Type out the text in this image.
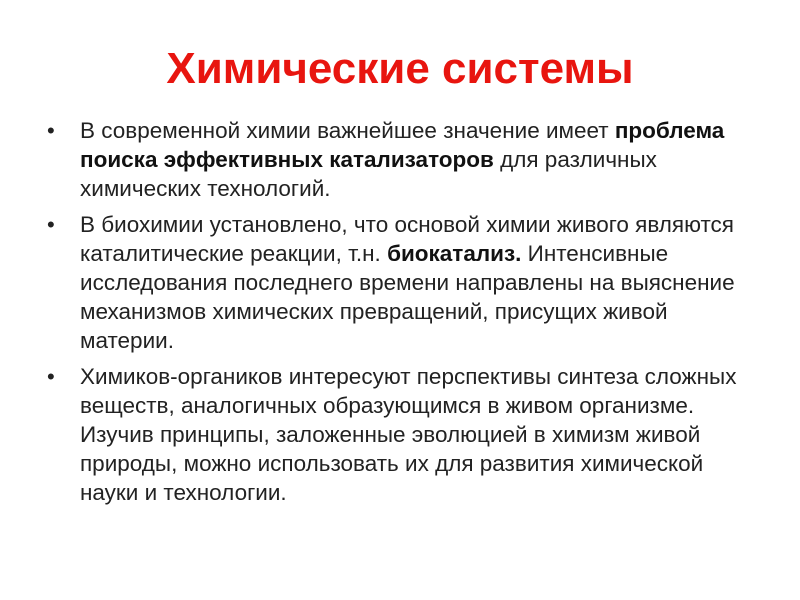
Химические системы
• В современной химии важнейшее значение имеет проблема поиска эффективных катализаторов для различных химических технологий.
• В биохимии установлено, что основой химии живого являются каталитические реакции, т.н. биокатализ. Интенсивные исследования последнего времени направлены на выяснение механизмов химических превращений, присущих живой материи.
• Химиков-органиков интересуют перспективы синтеза сложных веществ, аналогичных образующимся в живом организме. Изучив принципы, заложенные эволюцией в химизм живой природы, можно использовать их для развития химической науки и технологии.
